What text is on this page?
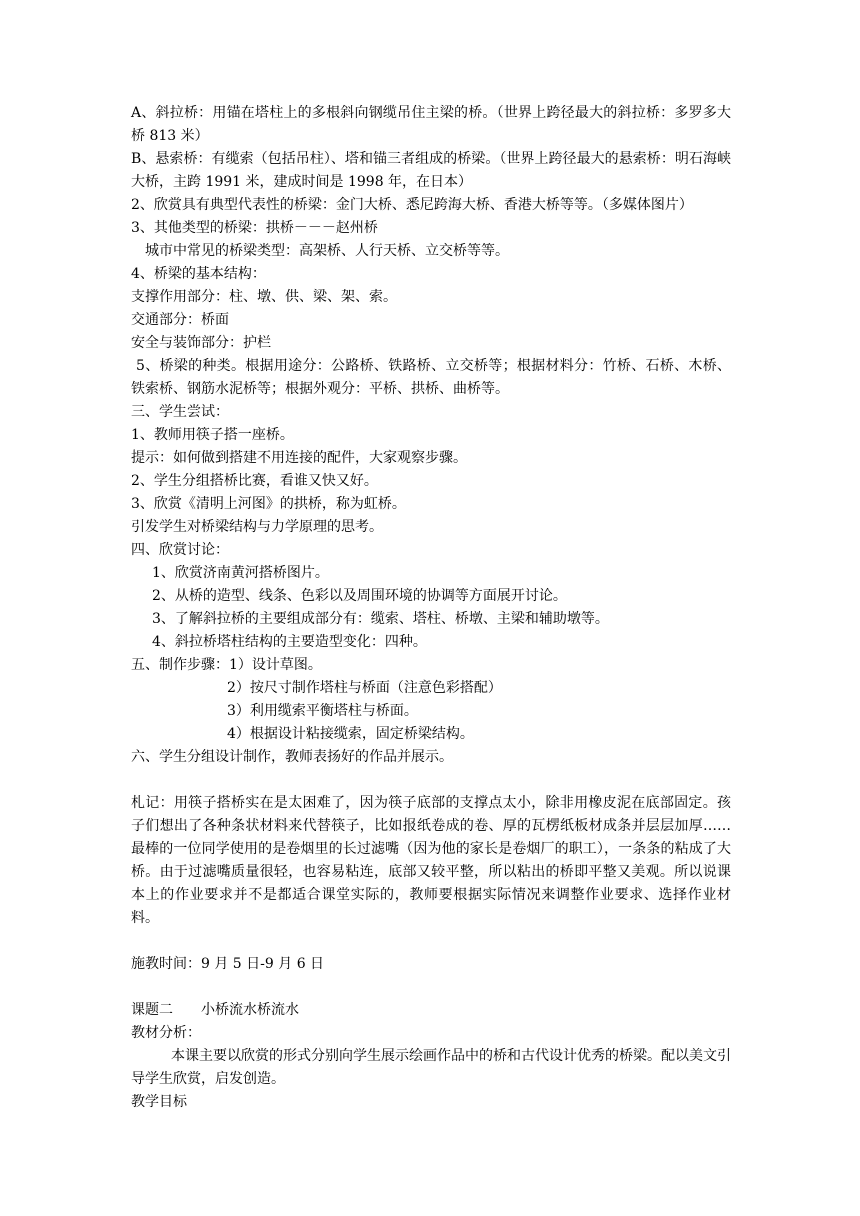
A、斜拉桥：用锚在塔柱上的多根斜向钢缆吊住主梁的桥。（世界上跨径最大的斜拉桥：多罗多大桥 813 米）
B、悬索桥：有缆索（包括吊柱）、塔和锚三者组成的桥梁。（世界上跨径最大的悬索桥：明石海峡大桥，主跨 1991 米，建成时间是 1998 年，在日本）
2、欣赏具有典型代表性的桥梁：金门大桥、悉尼跨海大桥、香港大桥等等。（多媒体图片）
3、其他类型的桥梁：拱桥－－－赵州桥
城市中常见的桥梁类型：高架桥、人行天桥、立交桥等等。
4、桥梁的基本结构：
支撑作用部分：柱、墩、供、梁、架、索。
交通部分：桥面
安全与装饰部分：护栏
5、桥梁的种类。根据用途分：公路桥、铁路桥、立交桥等；根据材料分：竹桥、石桥、木桥、铁索桥、钢筋水泥桥等；根据外观分：平桥、拱桥、曲桥等。
三、学生尝试：
1、教师用筷子搭一座桥。
提示：如何做到搭建不用连接的配件，大家观察步骤。
2、学生分组搭桥比赛，看谁又快又好。
3、欣赏《清明上河图》的拱桥，称为虹桥。
引发学生对桥梁结构与力学原理的思考。
四、欣赏讨论：
1、欣赏济南黄河搭桥图片。
2、从桥的造型、线条、色彩以及周围环境的协调等方面展开讨论。
3、了解斜拉桥的主要组成部分有：缆索、塔柱、桥墩、主梁和辅助墩等。
4、斜拉桥塔柱结构的主要造型变化：四种。
五、制作步骤：1）设计草图。
2）按尺寸制作塔柱与桥面（注意色彩搭配）
3）利用缆索平衡塔柱与桥面。
4）根据设计粘接缆索，固定桥梁结构。
六、学生分组设计制作，教师表扬好的作品并展示。
札记：用筷子搭桥实在是太困难了，因为筷子底部的支撑点太小，除非用橡皮泥在底部固定。孩子们想出了各种条状材料来代替筷子，比如报纸卷成的卷、厚的瓦楞纸板材成条并层层加厚……最棒的一位同学使用的是卷烟里的长过滤嘴（因为他的家长是卷烟厂的职工），一条条的粘成了大桥。由于过滤嘴质量很轻，也容易粘连，底部又较平整，所以粘出的桥即平整又美观。所以说课本上的作业要求并不是都适合课堂实际的，教师要根据实际情况来调整作业要求、选择作业材料。
施教时间：9 月 5 日-9 月 6 日
课题二　　小桥流水桥流水
教材分析：
本课主要以欣赏的形式分别向学生展示绘画作品中的桥和古代设计优秀的桥梁。配以美文引导学生欣赏，启发创造。
教学目标
